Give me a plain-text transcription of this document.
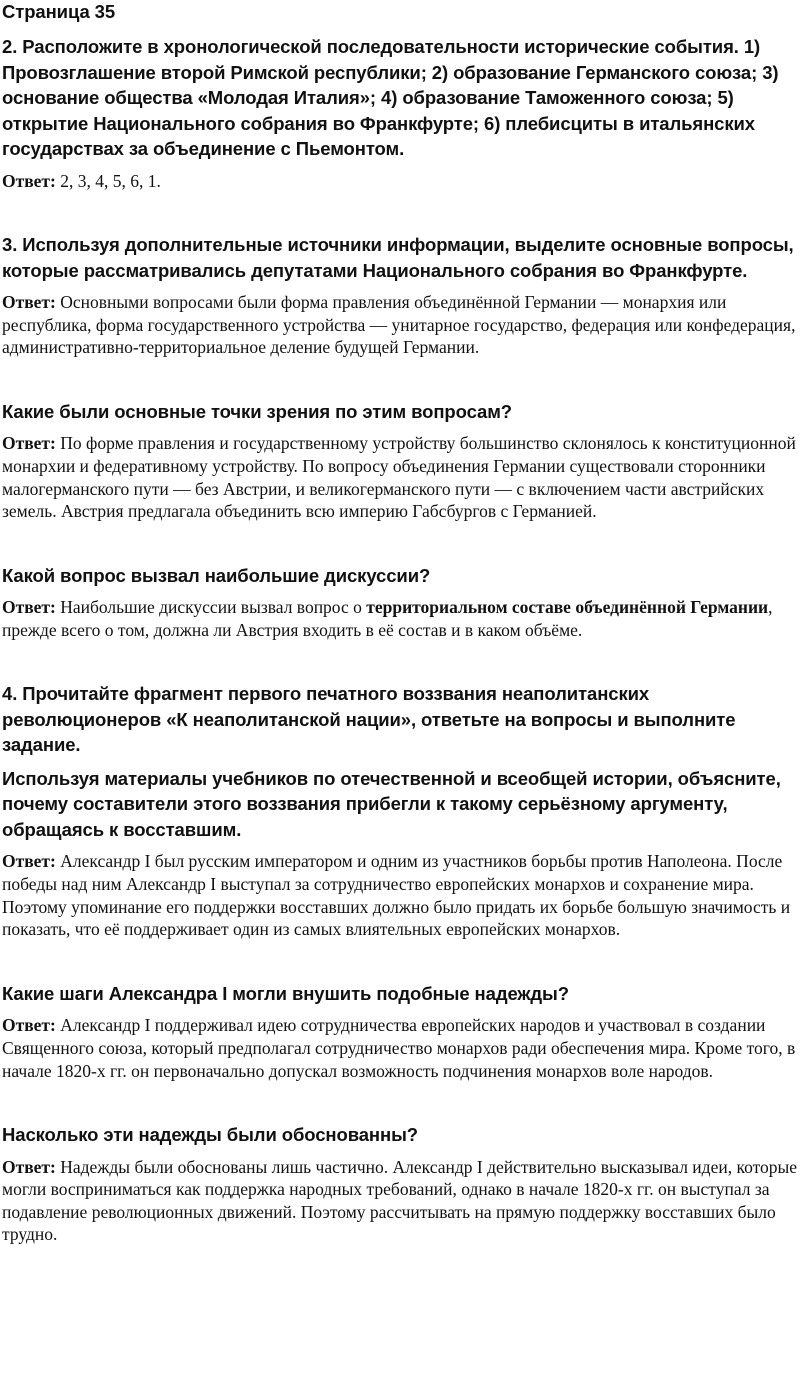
Страница 35
2. Расположите в хронологической последовательности исторические события. 1) Провозглашение второй Римской республики; 2) образование Германского союза; 3) основание общества «Молодая Италия»; 4) образование Таможенного союза; 5) открытие Национального собрания во Франкфурте; 6) плебисциты в итальянских государствах за объединение с Пьемонтом.

Ответ: 2, 3, 4, 5, 6, 1.

3. Используя дополнительные источники информации, выделите основные вопросы, которые рассматривались депутатами Национального собрания во Франкфурте.

Ответ: Основными вопросами были форма правления объединённой Германии — монархия или республика, форма государственного устройства — унитарное государство, федерация или конфедерация, административно-территориальное деление будущей Германии.

Какие были основные точки зрения по этим вопросам?

Ответ: По форме правления и государственному устройству большинство склонялось к конституционной монархии и федеративному устройству. По вопросу объединения Германии существовали сторонники малогерманского пути — без Австрии, и великогерманского пути — с включением части австрийских земель. Австрия предлагала объединить всю империю Габсбургов с Германией.

Какой вопрос вызвал наибольшие дискуссии?

Ответ: Наибольшие дискуссии вызвал вопрос о территориальном составе объединённой Германии, прежде всего о том, должна ли Австрия входить в её состав и в каком объёме.

4. Прочитайте фрагмент первого печатного воззвания неаполитанских революционеров «К неаполитанской нации», ответьте на вопросы и выполните задание.
Используя материалы учебников по отечественной и всеобщей истории, объясните, почему составители этого воззвания прибегли к такому серьёзному аргументу, обращаясь к восставшим.

Ответ: Александр I был русским императором и одним из участников борьбы против Наполеона. После победы над ним Александр I выступал за сотрудничество европейских монархов и сохранение мира. Поэтому упоминание его поддержки восставших должно было придать их борьбе большую значимость и показать, что её поддерживает один из самых влиятельных европейских монархов.

Какие шаги Александра I могли внушить подобные надежды?

Ответ: Александр I поддерживал идею сотрудничества европейских народов и участвовал в создании Священного союза, который предполагал сотрудничество монархов ради обеспечения мира. Кроме того, в начале 1820-х гг. он первоначально допускал возможность подчинения монархов воле народов.

Насколько эти надежды были обоснованны?

Ответ: Надежды были обоснованы лишь частично. Александр I действительно высказывал идеи, которые могли восприниматься как поддержка народных требований, однако в начале 1820-х гг. он выступал за подавление революционных движений. Поэтому рассчитывать на прямую поддержку восставших было трудно.
